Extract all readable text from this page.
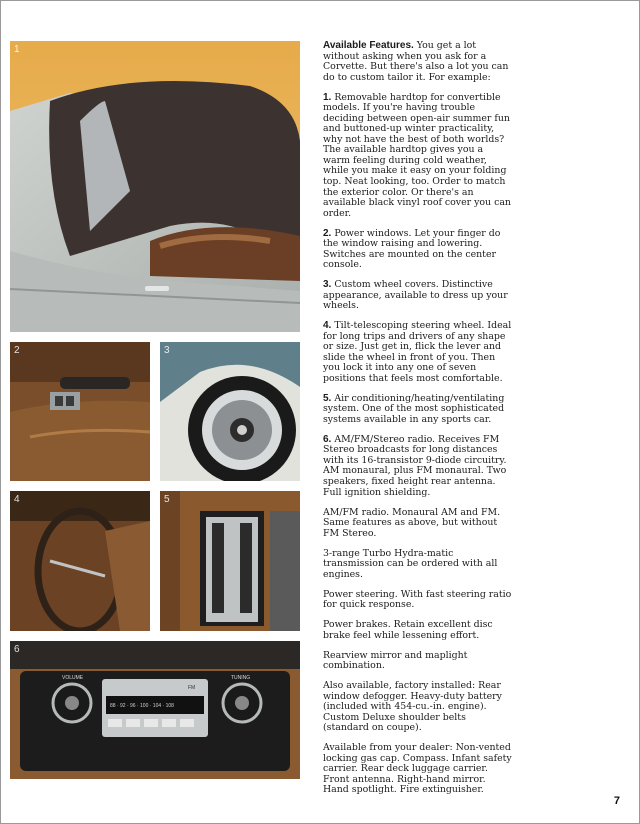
1
2	3
4	5
6
VOLUME	TUNING
FM
88 · 92 · 96 · 100 · 104 · 108

Available Features. You get a lot without asking when you ask for a Corvette. But there's also a lot you can do to custom tailor it. For example:

1. Removable hardtop for convertible models. If you're having trouble deciding between open-air summer fun and buttoned-up winter practicality, why not have the best of both worlds? The available hardtop gives you a warm feeling during cold weather, while you make it easy on your folding top. Neat looking, too. Order to match the exterior color. Or there's an available black vinyl roof cover you can order.

2. Power windows. Let your finger do the window raising and lowering. Switches are mounted on the center console.

3. Custom wheel covers. Distinctive appearance, available to dress up your wheels.

4. Tilt-telescoping steering wheel. Ideal for long trips and drivers of any shape or size. Just get in, flick the lever and slide the wheel in front of you. Then you lock it into any one of seven positions that feels most comfortable.

5. Air conditioning/heating/ventilating system. One of the most sophisticated systems available in any sports car.

6. AM/FM/Stereo radio. Receives FM Stereo broadcasts for long distances with its 16-transistor 9-diode circuitry. AM monaural, plus FM monaural. Two speakers, fixed height rear antenna. Full ignition shielding.

AM/FM radio. Monaural AM and FM. Same features as above, but without FM Stereo.

3-range Turbo Hydra-matic transmission can be ordered with all engines.

Power steering. With fast steering ratio for quick response.

Power brakes. Retain excellent disc brake feel while lessening effort.

Rearview mirror and maplight combination.

Also available, factory installed: Rear window defogger. Heavy-duty battery (included with 454-cu.-in. engine). Custom Deluxe shoulder belts (standard on coupe).

Available from your dealer: Non-vented locking gas cap. Compass. Infant safety carrier. Rear deck luggage carrier. Front antenna. Right-hand mirror. Hand spotlight. Fire extinguisher.

7
